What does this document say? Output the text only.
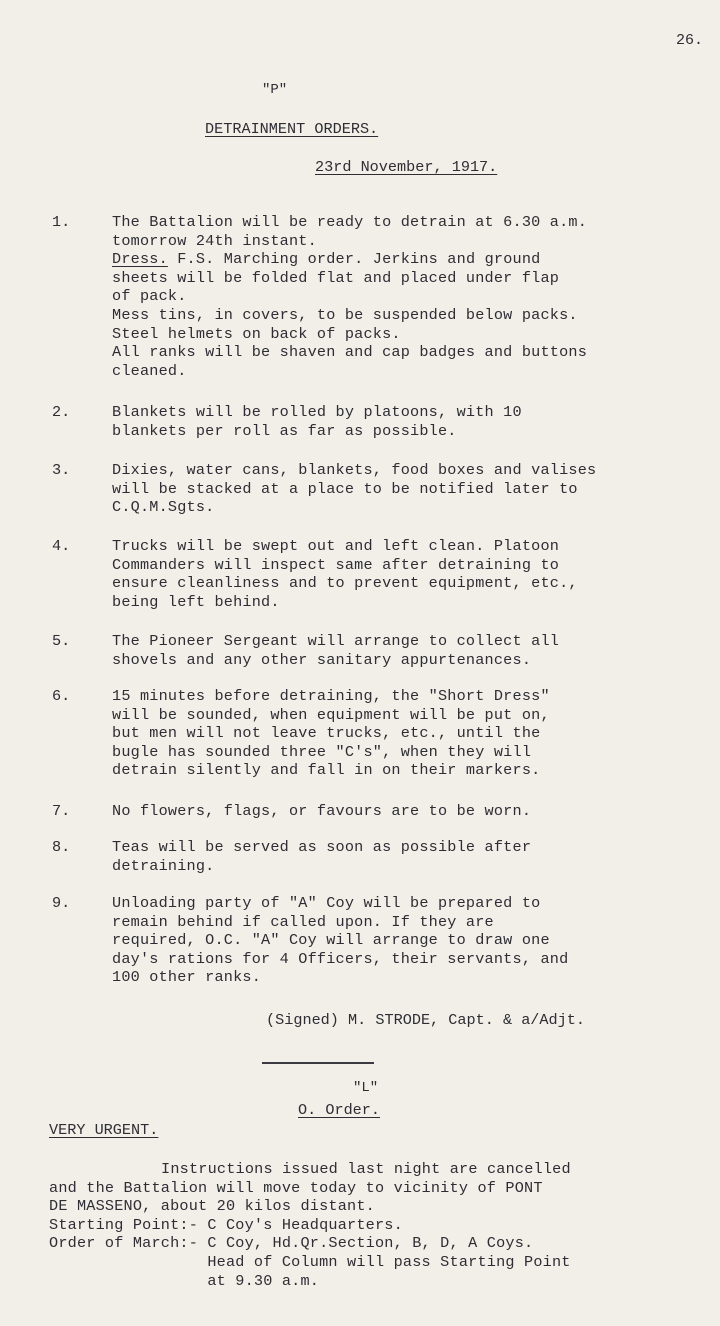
26.
"P"
DETRAINMENT ORDERS.
23rd November, 1917.
1.	The Battalion will be ready to detrain at 6.30 a.m.
tomorrow 24th instant.
Dress. F.S. Marching order. Jerkins and ground
sheets will be folded flat and placed under flap
of pack.
Mess tins, in covers, to be suspended below packs.
Steel helmets on back of packs.
All ranks will be shaven and cap badges and buttons
cleaned.
2.	Blankets will be rolled by platoons, with 10
blankets per roll as far as possible.
3.	Dixies, water cans, blankets, food boxes and valises
will be stacked at a place to be notified later to
C.Q.M.Sgts.
4.	Trucks will be swept out and left clean. Platoon
Commanders will inspect same after detraining to
ensure cleanliness and to prevent equipment, etc.,
being left behind.
5.	The Pioneer Sergeant will arrange to collect all
shovels and any other sanitary appurtenances.
6.	15 minutes before detraining, the "Short Dress"
will be sounded, when equipment will be put on,
but men will not leave trucks, etc., until the
bugle has sounded three "C's", when they will
detrain silently and fall in on their markers.
7.	No flowers, flags, or favours are to be worn.
8.	Teas will be served as soon as possible after
detraining.
9.	Unloading party of "A" Coy will be prepared to
remain behind if called upon. If they are
required, O.C. "A" Coy will arrange to draw one
day's rations for 4 Officers, their servants, and
100 other ranks.
(Signed) M. STRODE, Capt. & a/Adjt.
"L"
O. Order.
VERY URGENT.
Instructions issued last night are cancelled
and the Battalion will move today to vicinity of PONT
DE MASSENO, about 20 kilos distant.
Starting Point:- C Coy's Headquarters.
Order of March:- C Coy, Hd.Qr.Section, B, D, A Coys.
Head of Column will pass Starting Point
at 9.30 a.m.
